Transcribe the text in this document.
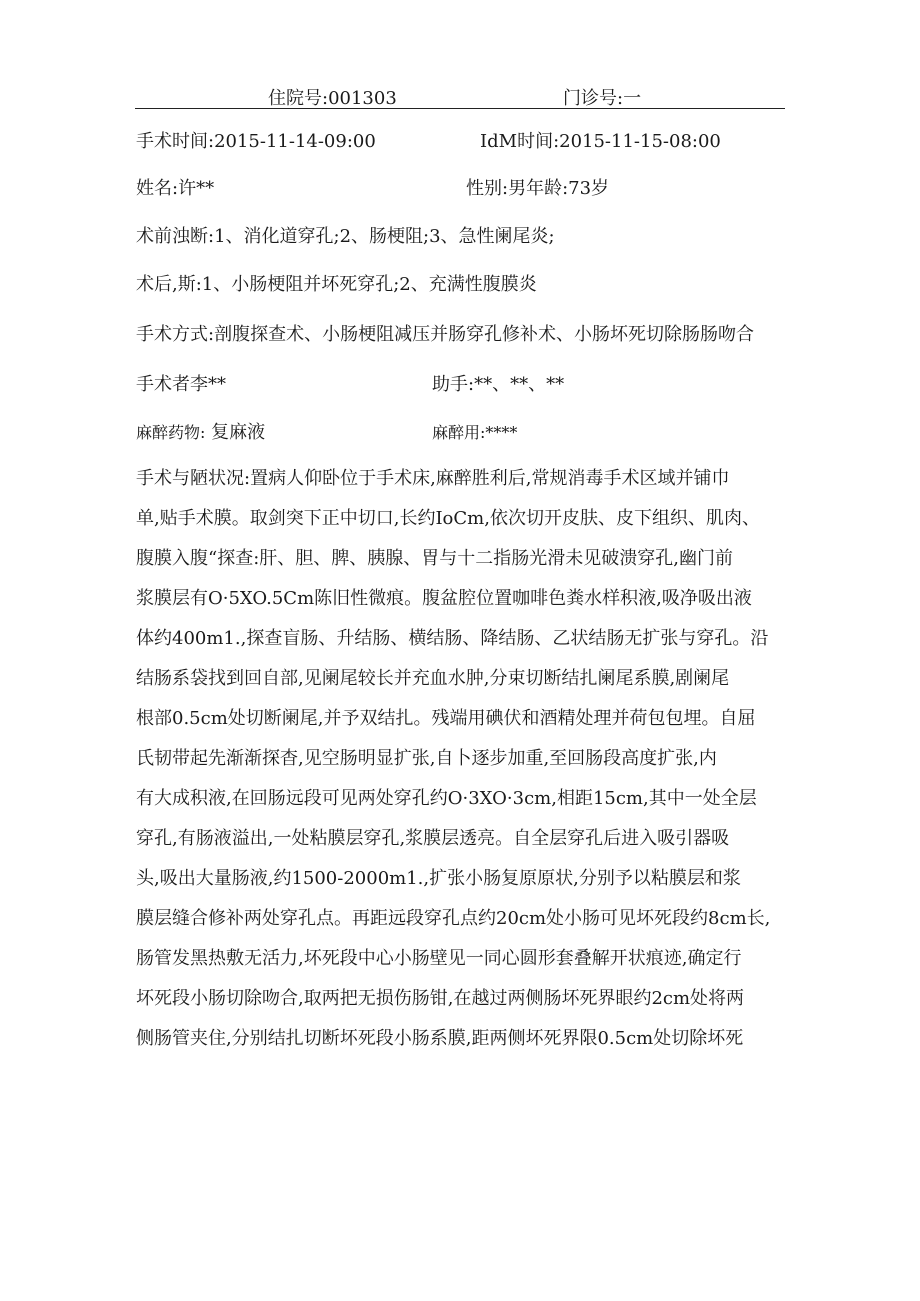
住院号:001303	门诊号:一
手术时间:2015-11-14-09:00	IdM时间:2015-11-15-08:00
姓名:许**	性别:男年龄:73岁
术前浊断:1、消化道穿孔;2、肠梗阻;3、急性阑尾炎;
术后,斯:1、小肠梗阻并坏死穿孔;2、充满性腹膜炎
手术方式:剖腹探查术、小肠梗阻减压并肠穿孔修补术、小肠坏死切除肠肠吻合
手术者李**	助手:**、**、**
麻醉药物: 复麻液	麻醉用:****
手术与陋状况:置病人仰卧位于手术床,麻醉胜利后,常规消毒手术区域并铺巾
单,贴手术膜。取剑突下正中切口,长约IoCm,依次切开皮肤、皮下组织、肌肉、
腹膜入腹“探查:肝、胆、脾、胰腺、胃与十二指肠光滑未见破溃穿孔,幽门前
浆膜层有O·5XO.5Cm陈旧性微痕。腹盆腔位置咖啡色粪水样积液,吸净吸出液
体约400m1.,探查盲肠、升结肠、横结肠、降结肠、乙状结肠无扩张与穿孔。沿
结肠系袋找到回自部,见阑尾较长并充血水肿,分束切断结扎阑尾系膜,剧阑尾
根部0.5cm处切断阑尾,并予双结扎。残端用碘伏和酒精处理并荷包包埋。自屈
氏韧带起先渐渐探杳,见空肠明显扩张,自卜逐步加重,至回肠段高度扩张,内
有大成积液,在回肠远段可见两处穿孔约O·3XO·3cm,相距15cm,其中一处全层
穿孔,有肠液溢出,一处粘膜层穿孔,浆膜层透亮。自全层穿孔后进入吸引器吸
头,吸出大量肠液,约1500-2000m1.,扩张小肠复原原状,分别予以粘膜层和浆
膜层缝合修补两处穿孔点。再距远段穿孔点约20cm处小肠可见坏死段约8cm长,
肠管发黑热敷无活力,坏死段中心小肠壁见一同心圆形套叠解开状痕迹,确定行
坏死段小肠切除吻合,取两把无损伤肠钳,在越过两侧肠坏死界眼约2cm处将两
侧肠管夹住,分别结扎切断坏死段小肠系膜,距两侧坏死界限0.5cm处切除坏死
